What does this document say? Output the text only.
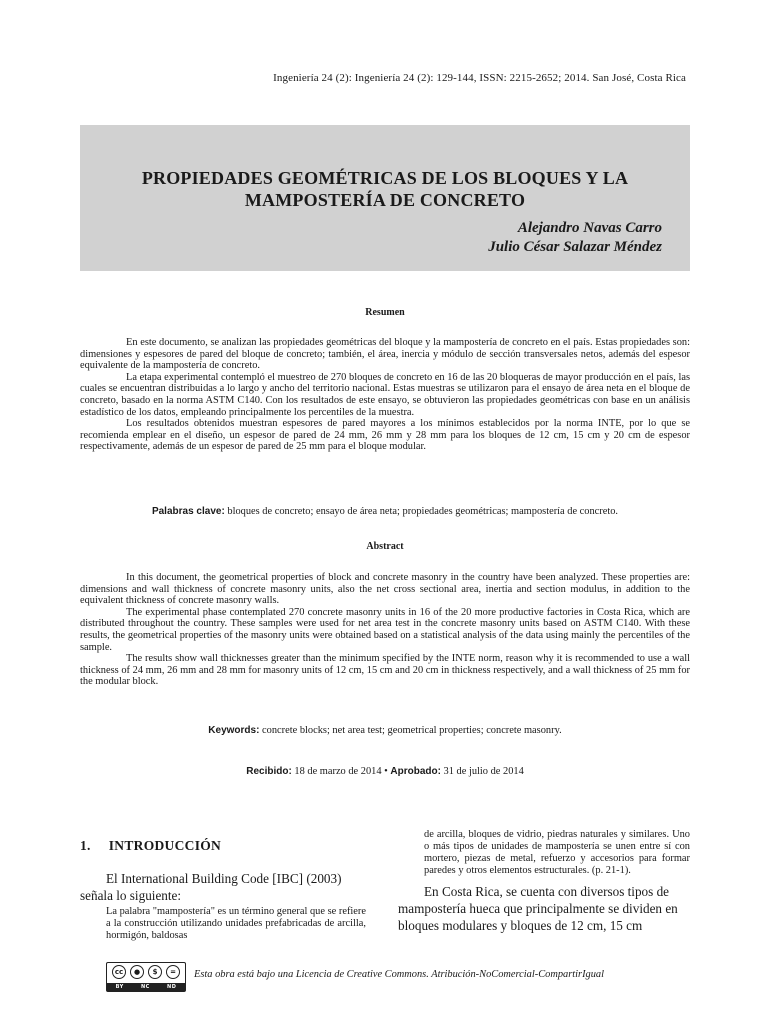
Ingeniería 24 (2): Ingeniería 24 (2): 129-144, ISSN: 2215-2652; 2014. San José, Costa Rica
PROPIEDADES GEOMÉTRICAS DE LOS BLOQUES Y LA
MAMPOSTERÍA DE CONCRETO
Alejandro Navas Carro
Julio César Salazar Méndez
Resumen

En este documento, se analizan las propiedades geométricas del bloque y la mampostería de concreto en el país. Estas propiedades son: dimensiones y espesores de pared del bloque de concreto; también, el área, inercia y módulo de sección transversales netos, además del espesor equivalente de la mampostería de concreto.

La etapa experimental contempló el muestreo de 270 bloques de concreto en 16 de las 20 bloqueras de mayor producción en el país, las cuales se encuentran distribuidas a lo largo y ancho del territorio nacional. Estas muestras se utilizaron para el ensayo de área neta en el bloque de concreto, basado en la norma ASTM C140. Con los resultados de este ensayo, se obtuvieron las propiedades geométricas con base en un análisis estadístico de los datos, empleando principalmente los percentiles de la muestra.

Los resultados obtenidos muestran espesores de pared mayores a los mínimos establecidos por la norma INTE, por lo que se recomienda emplear en el diseño, un espesor de pared de 24 mm, 26 mm y 28 mm para los bloques de 12 cm, 15 cm y 20 cm de espesor respectivamente, además de un espesor de pared de 25 mm para el bloque modular.

Palabras clave: bloques de concreto; ensayo de área neta; propiedades geométricas; mampostería de concreto.
Abstract

In this document, the geometrical properties of block and concrete masonry in the country have been analyzed. These properties are: dimensions and wall thickness of concrete masonry units, also the net cross sectional area, inertia and section modulus, in addition to the equivalent thickness of concrete masonry walls.

The experimental phase contemplated 270 concrete masonry units in 16 of the 20 more productive factories in Costa Rica, which are distributed throughout the country. These samples were used for net area test in the concrete masonry units based on ASTM C140. With these results, the geometrical properties of the masonry units were obtained based on a statistical analysis of the data using mainly the percentiles of the sample.

The results show wall thicknesses greater than the minimum specified by the INTE norm, reason why it is recommended to use a wall thickness of 24 mm, 26 mm and 28 mm for masonry units of 12 cm, 15 cm and 20 cm in thickness respectively, and a wall thickness of 25 mm for the modular block.

Keywords: concrete blocks; net area test; geometrical properties; concrete masonry.
Recibido: 18 de marzo de 2014 • Aprobado: 31 de julio de 2014
1. INTRODUCCIÓN

El International Building Code [IBC] (2003) señala lo siguiente:

La palabra "mampostería" es un término general que se refiere a la construcción utilizando unidades prefabricadas de arcilla, hormigón, baldosas

de arcilla, bloques de vidrio, piedras naturales y similares. Uno o más tipos de unidades de mampostería se unen entre sí con mortero, piezas de metal, refuerzo y accesorios para formar paredes y otros elementos estructurales. (p. 21-1).

En Costa Rica, se cuenta con diversos tipos de mampostería hueca que principalmente se dividen en bloques modulares y bloques de 12 cm, 15 cm

cc	●	$	=
BY	NC	ND
Esta obra está bajo una Licencia de Creative Commons. Atribución-NoComercial-CompartirIgual
